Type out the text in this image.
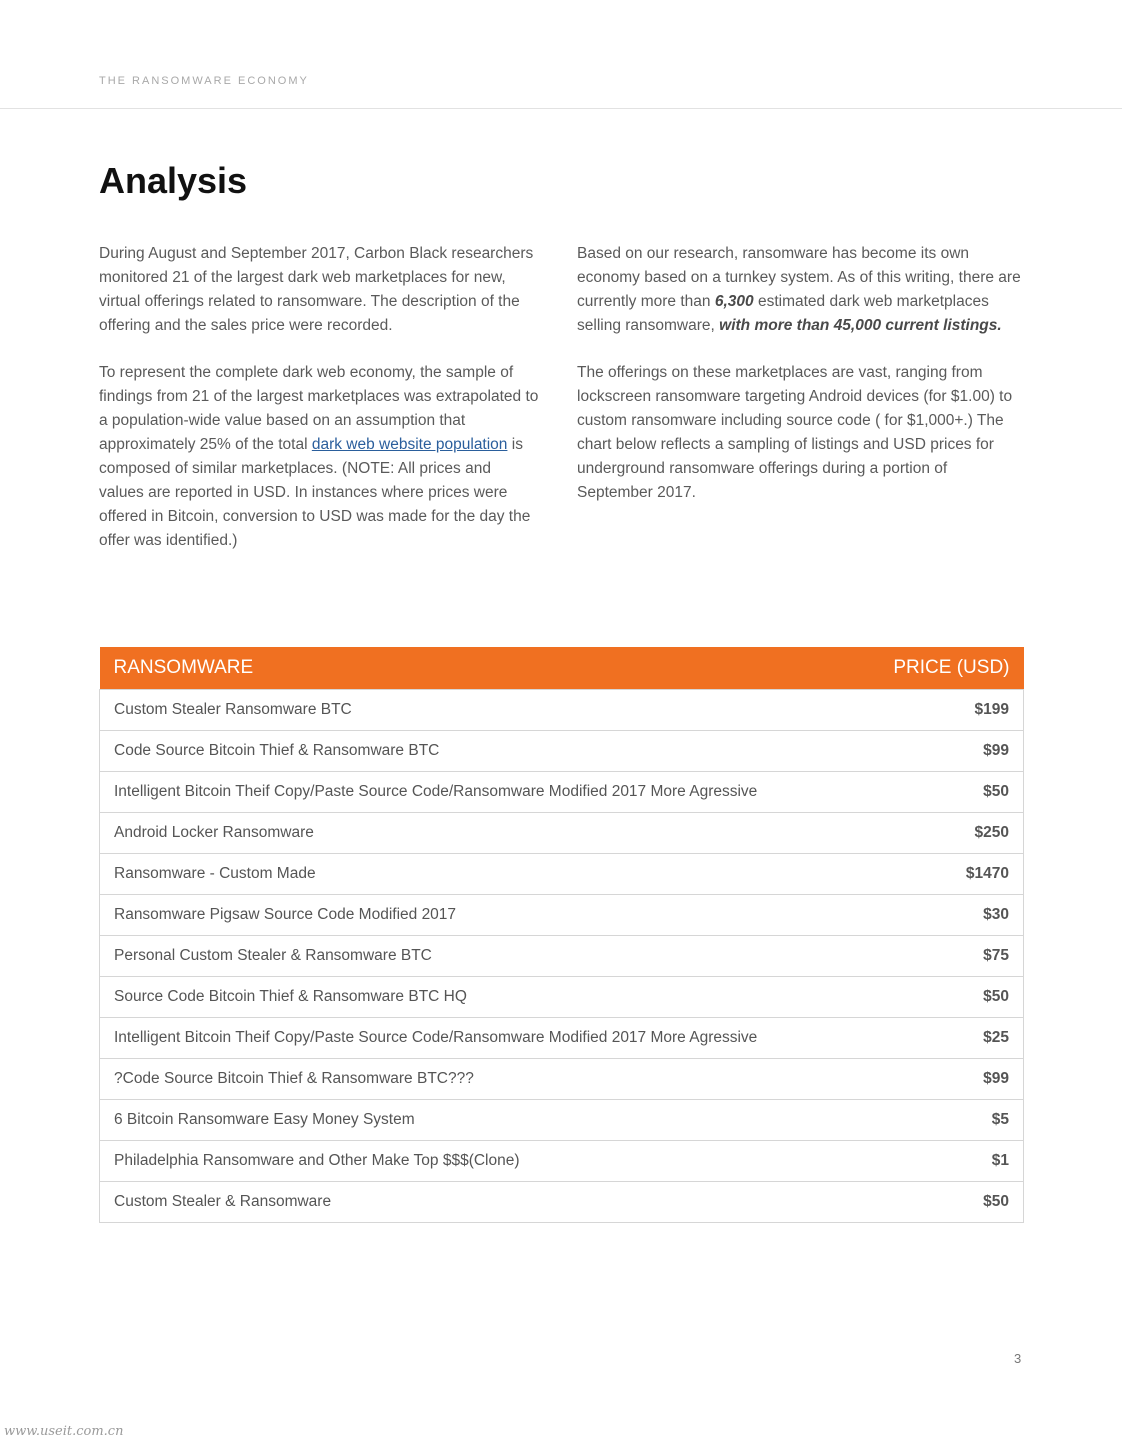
THE RANSOMWARE ECONOMY
Analysis

During August and September 2017, Carbon Black researchers monitored 21 of the largest dark web marketplaces for new, virtual offerings related to ransomware. The description of the offering and the sales price were recorded.

To represent the complete dark web economy, the sample of findings from 21 of the largest marketplaces was extrapolated to a population-wide value based on an assumption that approximately 25% of the total dark web website population is composed of similar marketplaces. (NOTE: All prices and values are reported in USD. In instances where prices were offered in Bitcoin, conversion to USD was made for the day the offer was identified.)

Based on our research, ransomware has become its own economy based on a turnkey system. As of this writing, there are currently more than 6,300 estimated dark web marketplaces selling ransomware, with more than 45,000 current listings.

The offerings on these marketplaces are vast, ranging from lockscreen ransomware targeting Android devices (for $1.00) to custom ransomware including source code ( for $1,000+.) The chart below reflects a sampling of listings and USD prices for underground ransomware offerings during a portion of September 2017.

RANSOMWARE	PRICE (USD)
Custom Stealer Ransomware BTC	$199
Code Source Bitcoin Thief & Ransomware BTC	$99
Intelligent Bitcoin Theif Copy/Paste Source Code/Ransomware Modified 2017 More Agressive	$50
Android Locker Ransomware	$250
Ransomware - Custom Made	$1470
Ransomware Pigsaw Source Code Modified 2017	$30
Personal Custom Stealer & Ransomware BTC	$75
Source Code Bitcoin Thief & Ransomware BTC HQ	$50
Intelligent Bitcoin Theif Copy/Paste Source Code/Ransomware Modified 2017 More Agressive	$25
?Code Source Bitcoin Thief & Ransomware BTC???	$99
6 Bitcoin Ransomware Easy Money System	$5
Philadelphia Ransomware and Other Make Top $$$(Clone)	$1
Custom Stealer & Ransomware	$50
3
www.useit.com.cn
